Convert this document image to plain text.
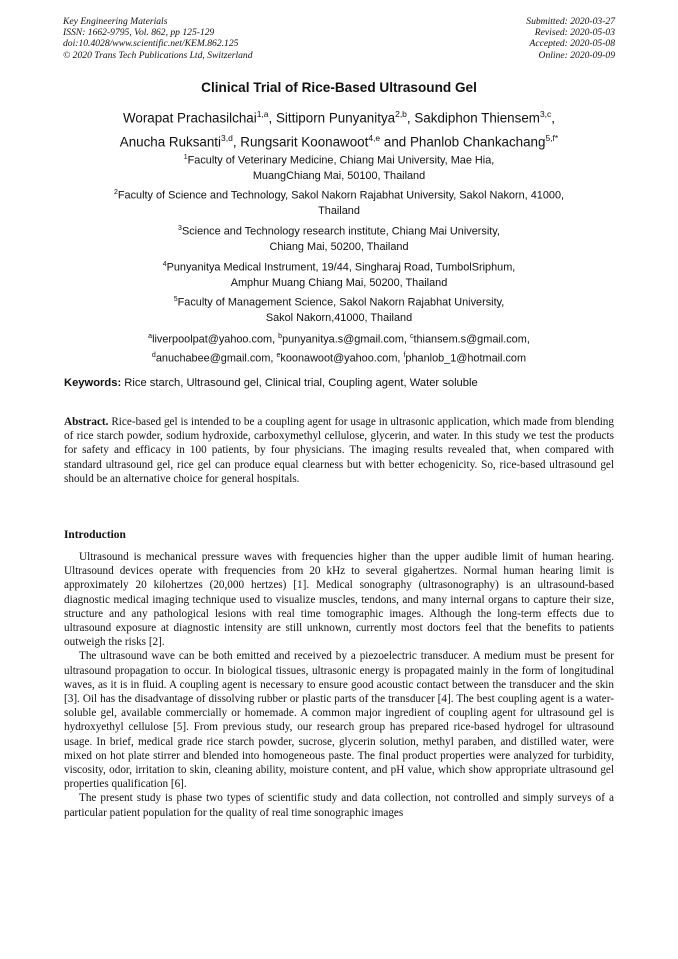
Key Engineering Materials
ISSN: 1662-9795, Vol. 862, pp 125-129
doi:10.4028/www.scientific.net/KEM.862.125
© 2020 Trans Tech Publications Ltd, Switzerland
Submitted: 2020-03-27
Revised: 2020-05-03
Accepted: 2020-05-08
Online: 2020-09-09
Clinical Trial of Rice-Based Ultrasound Gel
Worapat Prachasilchai$^{1,a}$, Sittiporn Punyanitya$^{2,b}$, Sakdiphon Thiensem$^{3,c}$,
Anucha Ruksanti$^{3,d}$, Rungsarit Koonawoot$^{4,e}$ and Phanlob Chankachang$^{5,f*}$
$^1$Faculty of Veterinary Medicine, Chiang Mai University, Mae Hia,
MuangChiang Mai, 50100, Thailand
$^2$Faculty of Science and Technology, Sakol Nakorn Rajabhat University, Sakol Nakorn, 41000,
Thailand
$^3$Science and Technology research institute, Chiang Mai University,
Chiang Mai, 50200, Thailand
$^4$Punyanitya Medical Instrument, 19/44, Singharaj Road, TumbolSriphum,
Amphur Muang Chiang Mai, 50200, Thailand
$^5$Faculty of Management Science, Sakol Nakorn Rajabhat University,
Sakol Nakorn,41000, Thailand
$^a$liverpoolpat@yahoo.com, $^b$punyanitya.s@gmail.com, $^c$thiansem.s@gmail.com,
$^d$anuchabee@gmail.com, $^e$koonawoot@yahoo.com, $^f$phanlob_1@hotmail.com
Keywords: Rice starch, Ultrasound gel, Clinical trial, Coupling agent, Water soluble

Abstract. Rice-based gel is intended to be a coupling agent for usage in ultrasonic application, which made from blending of rice starch powder, sodium hydroxide, carboxymethyl cellulose, glycerin, and water. In this study we test the products for safety and efficacy in 100 patients, by four physicians. The imaging results revealed that, when compared with standard ultrasound gel, rice gel can produce equal clearness but with better echogenicity. So, rice-based ultrasound gel should be an alternative choice for general hospitals.

Introduction

Ultrasound is mechanical pressure waves with frequencies higher than the upper audible limit of human hearing. Ultrasound devices operate with frequencies from 20 kHz to several gigahertzes. Normal human hearing limit is approximately 20 kilohertzes (20,000 hertzes) [1]. Medical sonography (ultrasonography) is an ultrasound-based diagnostic medical imaging technique used to visualize muscles, tendons, and many internal organs to capture their size, structure and any pathological lesions with real time tomographic images. Although the long-term effects due to ultrasound exposure at diagnostic intensity are still unknown, currently most doctors feel that the benefits to patients outweigh the risks [2].

The ultrasound wave can be both emitted and received by a piezoelectric transducer. A medium must be present for ultrasound propagation to occur. In biological tissues, ultrasonic energy is propagated mainly in the form of longitudinal waves, as it is in fluid. A coupling agent is necessary to ensure good acoustic contact between the transducer and the skin [3]. Oil has the disadvantage of dissolving rubber or plastic parts of the transducer [4]. The best coupling agent is a water-soluble gel, available commercially or homemade. A common major ingredient of coupling agent for ultrasound gel is hydroxyethyl cellulose [5]. From previous study, our research group has prepared rice-based hydrogel for ultrasound usage. In brief, medical grade rice starch powder, sucrose, glycerin solution, methyl paraben, and distilled water, were mixed on hot plate stirrer and blended into homogeneous paste. The final product properties were analyzed for turbidity, viscosity, odor, irritation to skin, cleaning ability, moisture content, and pH value, which show appropriate ultrasound gel properties qualification [6].

The present study is phase two types of scientific study and data collection, not controlled and simply surveys of a particular patient population for the quality of real time sonographic images
